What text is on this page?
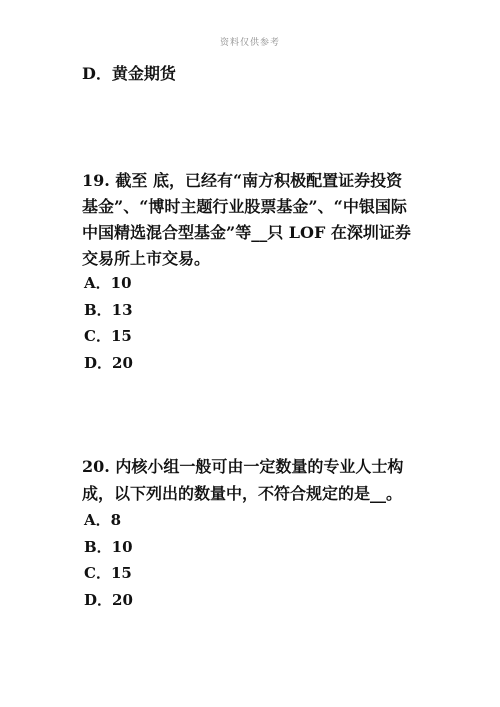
资料仅供参考
D．黄金期货
19. 截至 底，已经有“南方积极配置证券投资
基金”、“博时主题行业股票基金”、“中银国际
中国精选混合型基金”等__只 LOF 在深圳证券
交易所上市交易。
A．10
B．13
C．15
D．20
20. 内核小组一般可由一定数量的专业人士构
成，以下列出的数量中，不符合规定的是__。
A．8
B．10
C．15
D．20
